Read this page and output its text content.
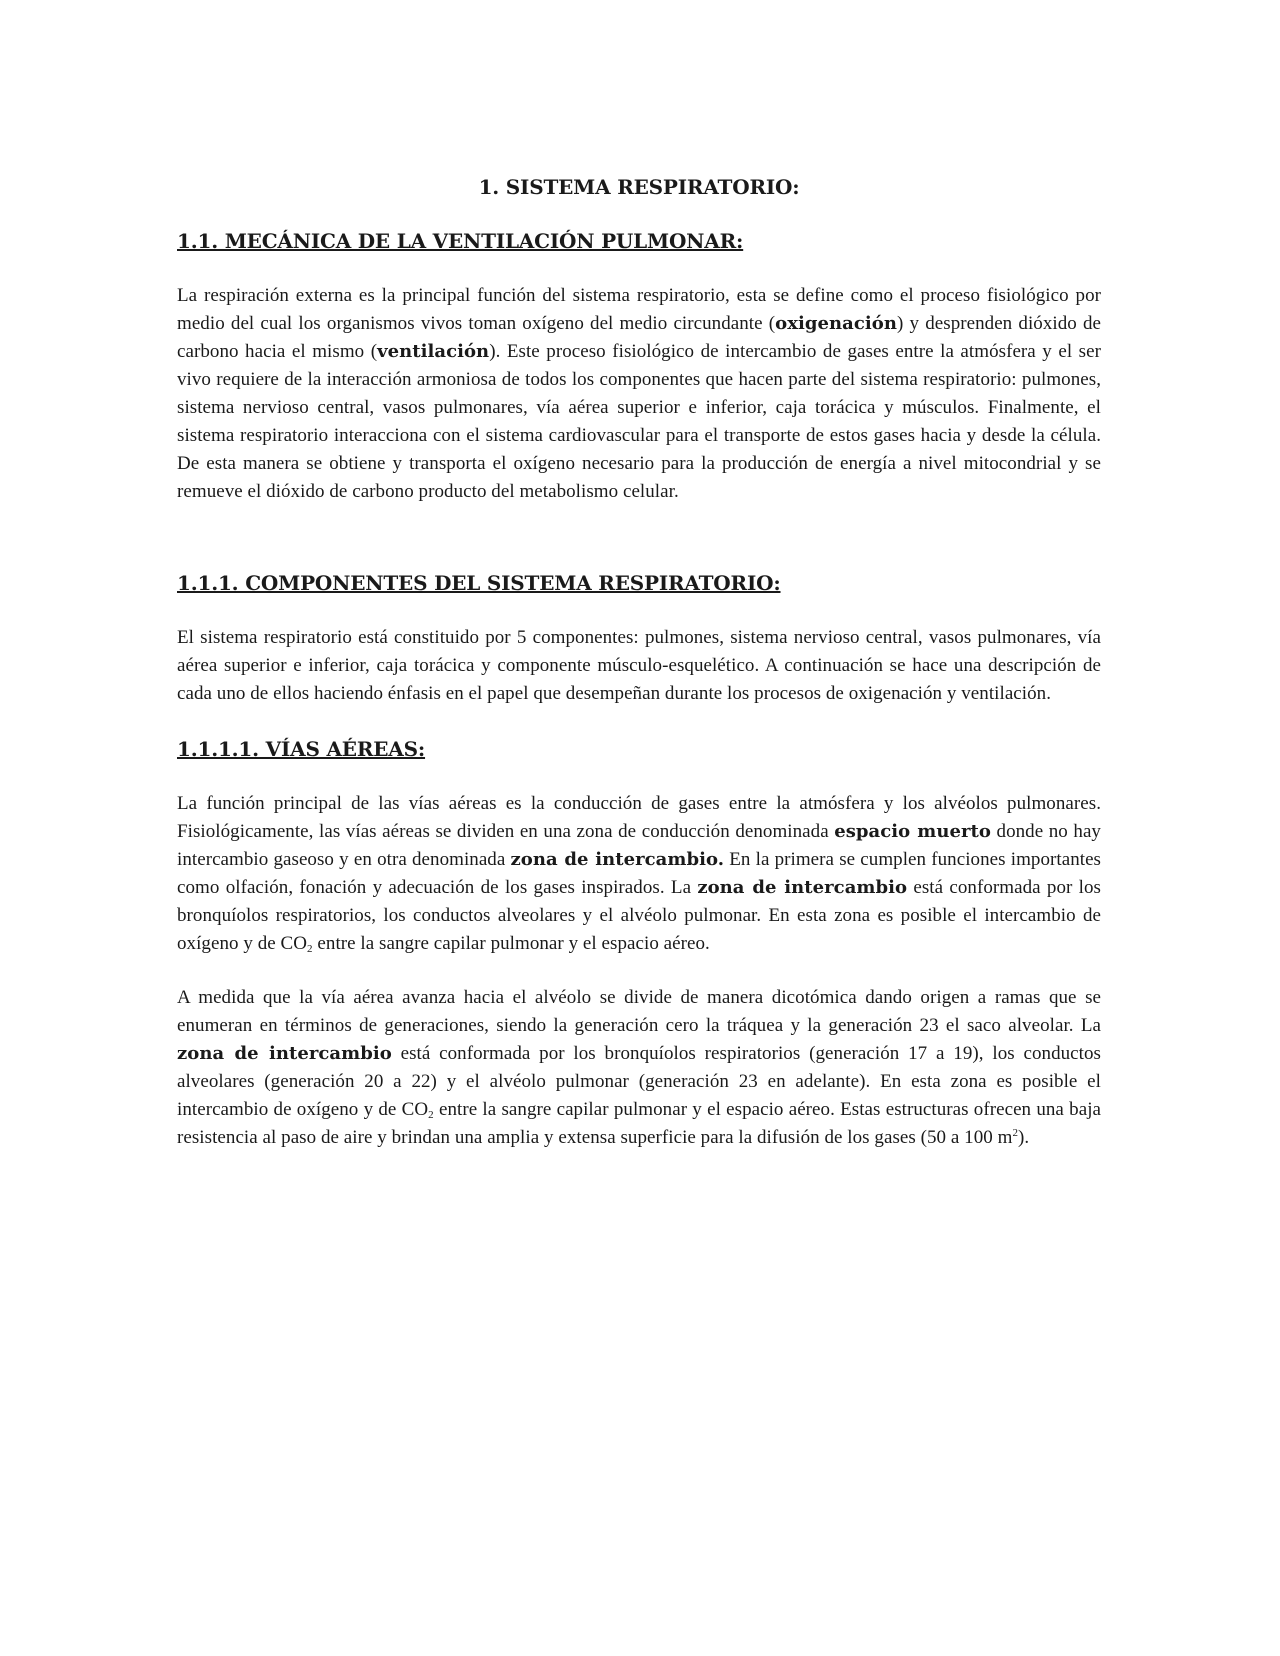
1. SISTEMA RESPIRATORIO:
1.1. MECÁNICA DE LA VENTILACIÓN PULMONAR:

La respiración externa es la principal función del sistema respiratorio, esta se define como el proceso fisiológico por medio del cual los organismos vivos toman oxígeno del medio circundante (oxigenación) y desprenden dióxido de carbono hacia el mismo (ventilación). Este proceso fisiológico de intercambio de gases entre la atmósfera y el ser vivo requiere de la interacción armoniosa de todos los componentes que hacen parte del sistema respiratorio: pulmones, sistema nervioso central, vasos pulmonares, vía aérea superior e inferior, caja torácica y músculos. Finalmente, el sistema respiratorio interacciona con el sistema cardiovascular para el transporte de estos gases hacia y desde la célula. De esta manera se obtiene y transporta el oxígeno necesario para la producción de energía a nivel mitocondrial y se remueve el dióxido de carbono producto del metabolismo celular.

1.1.1. COMPONENTES DEL SISTEMA RESPIRATORIO:

El sistema respiratorio está constituido por 5 componentes: pulmones, sistema nervioso central, vasos pulmonares, vía aérea superior e inferior, caja torácica y componente músculo-esquelético. A continuación se hace una descripción de cada uno de ellos haciendo énfasis en el papel que desempeñan durante los procesos de oxigenación y ventilación.

1.1.1.1. VÍAS AÉREAS:

La función principal de las vías aéreas es la conducción de gases entre la atmósfera y los alvéolos pulmonares. Fisiológicamente, las vías aéreas se dividen en una zona de conducción denominada espacio muerto donde no hay intercambio gaseoso y en otra denominada zona de intercambio. En la primera se cumplen funciones importantes como olfación, fonación y adecuación de los gases inspirados. La zona de intercambio está conformada por los bronquíolos respiratorios, los conductos alveolares y el alvéolo pulmonar. En esta zona es posible el intercambio de oxígeno y de $CO_2$ entre la sangre capilar pulmonar y el espacio aéreo.

A medida que la vía aérea avanza hacia el alvéolo se divide de manera dicotómica dando origen a ramas que se enumeran en términos de generaciones, siendo la generación cero la tráquea y la generación 23 el saco alveolar. La zona de intercambio está conformada por los bronquíolos respiratorios (generación 17 a 19), los conductos alveolares (generación 20 a 22) y el alvéolo pulmonar (generación 23 en adelante). En esta zona es posible el intercambio de oxígeno y de $CO_2$ entre la sangre capilar pulmonar y el espacio aéreo. Estas estructuras ofrecen una baja resistencia al paso de aire y brindan una amplia y extensa superficie para la difusión de los gases (50 a 100 $m^2$).
